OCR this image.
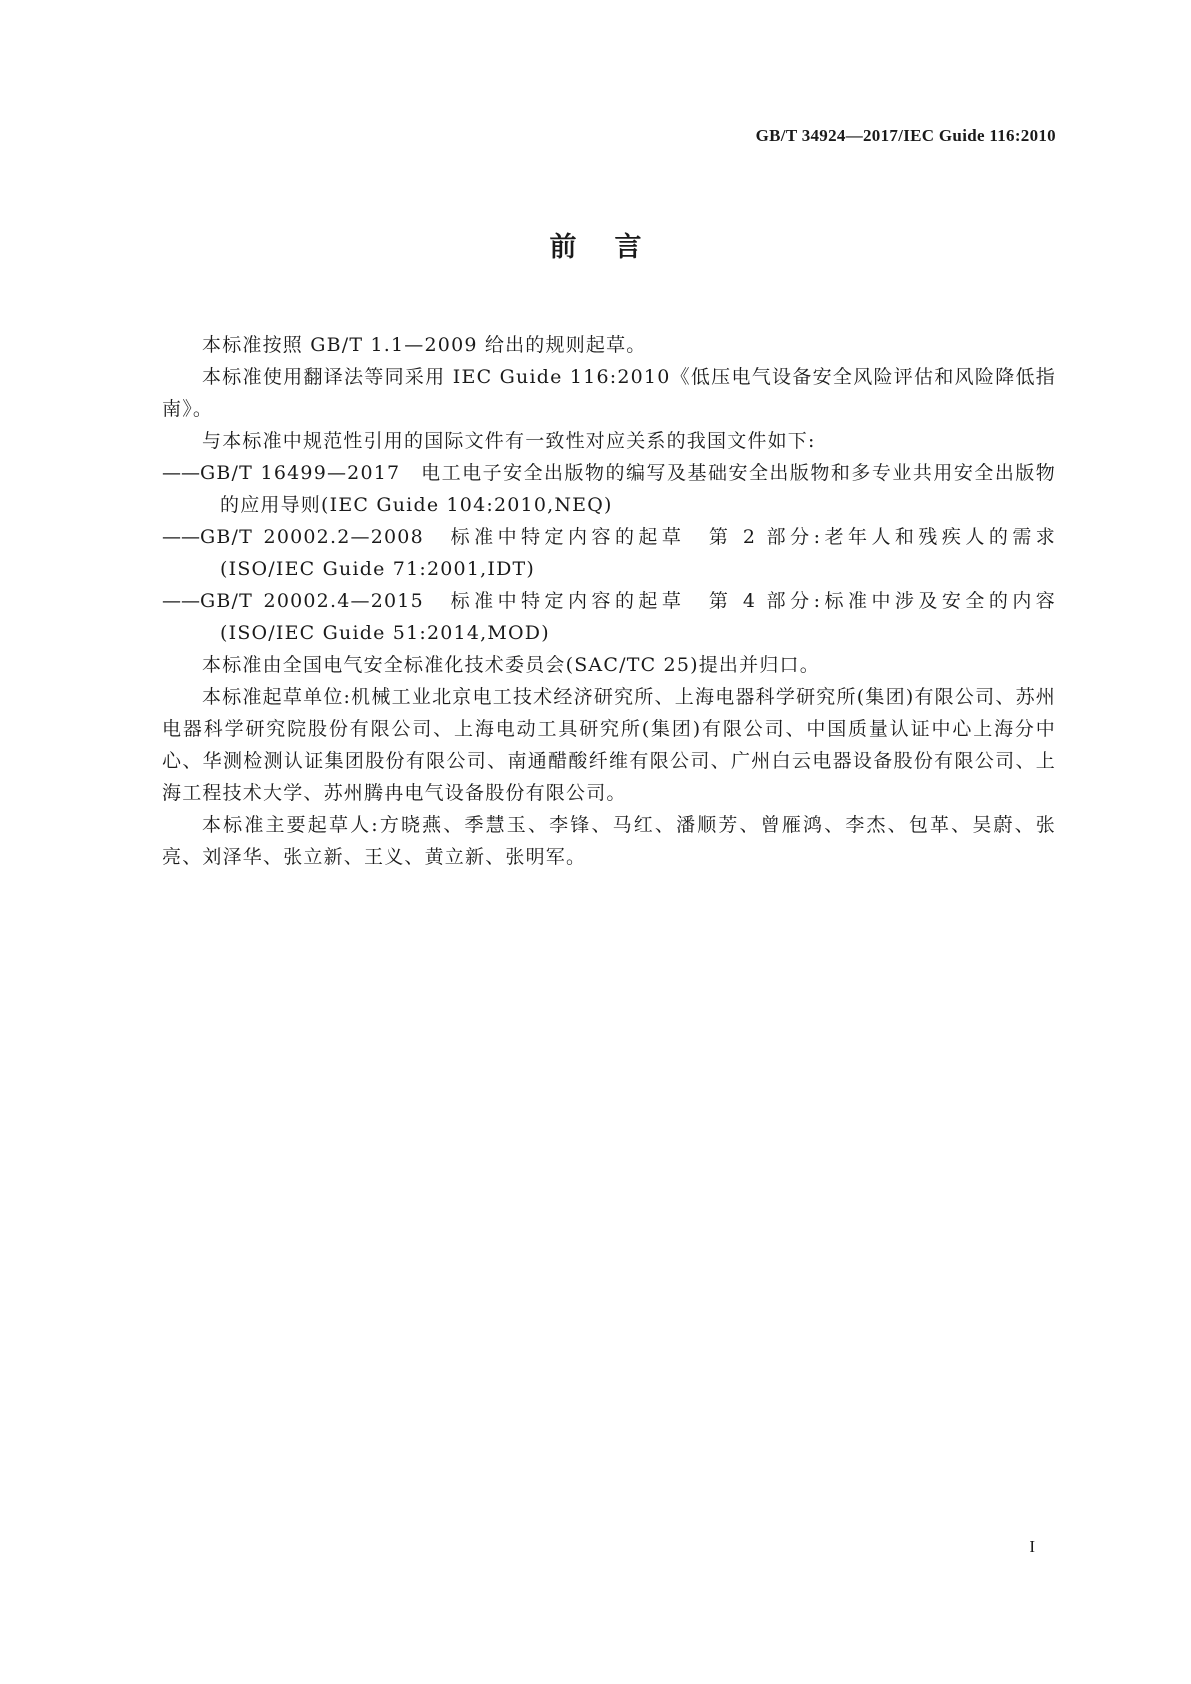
GB/T 34924—2017/IEC Guide 116:2010
前言

本标准按照 GB/T 1.1—2009 给出的规则起草。

本标准使用翻译法等同采用 IEC Guide 116:2010《低压电气设备安全风险评估和风险降低指南》。

与本标准中规范性引用的国际文件有一致性对应关系的我国文件如下:

——GB/T 16499—2017　电工电子安全出版物的编写及基础安全出版物和多专业共用安全出版物的应用导则(IEC Guide 104:2010,NEQ)

——GB/T 20002.2—2008　标准中特定内容的起草　第 2 部分:老年人和残疾人的需求(ISO/IEC Guide 71:2001,IDT)

——GB/T 20002.4—2015　标准中特定内容的起草　第 4 部分:标准中涉及安全的内容(ISO/IEC Guide 51:2014,MOD)

本标准由全国电气安全标准化技术委员会(SAC/TC 25)提出并归口。

本标准起草单位:机械工业北京电工技术经济研究所、上海电器科学研究所(集团)有限公司、苏州电器科学研究院股份有限公司、上海电动工具研究所(集团)有限公司、中国质量认证中心上海分中心、华测检测认证集团股份有限公司、南通醋酸纤维有限公司、广州白云电器设备股份有限公司、上海工程技术大学、苏州腾冉电气设备股份有限公司。

本标准主要起草人:方晓燕、季慧玉、李锋、马红、潘顺芳、曾雁鸿、李杰、包革、吴蔚、张亮、刘泽华、张立新、王义、黄立新、张明军。

I
